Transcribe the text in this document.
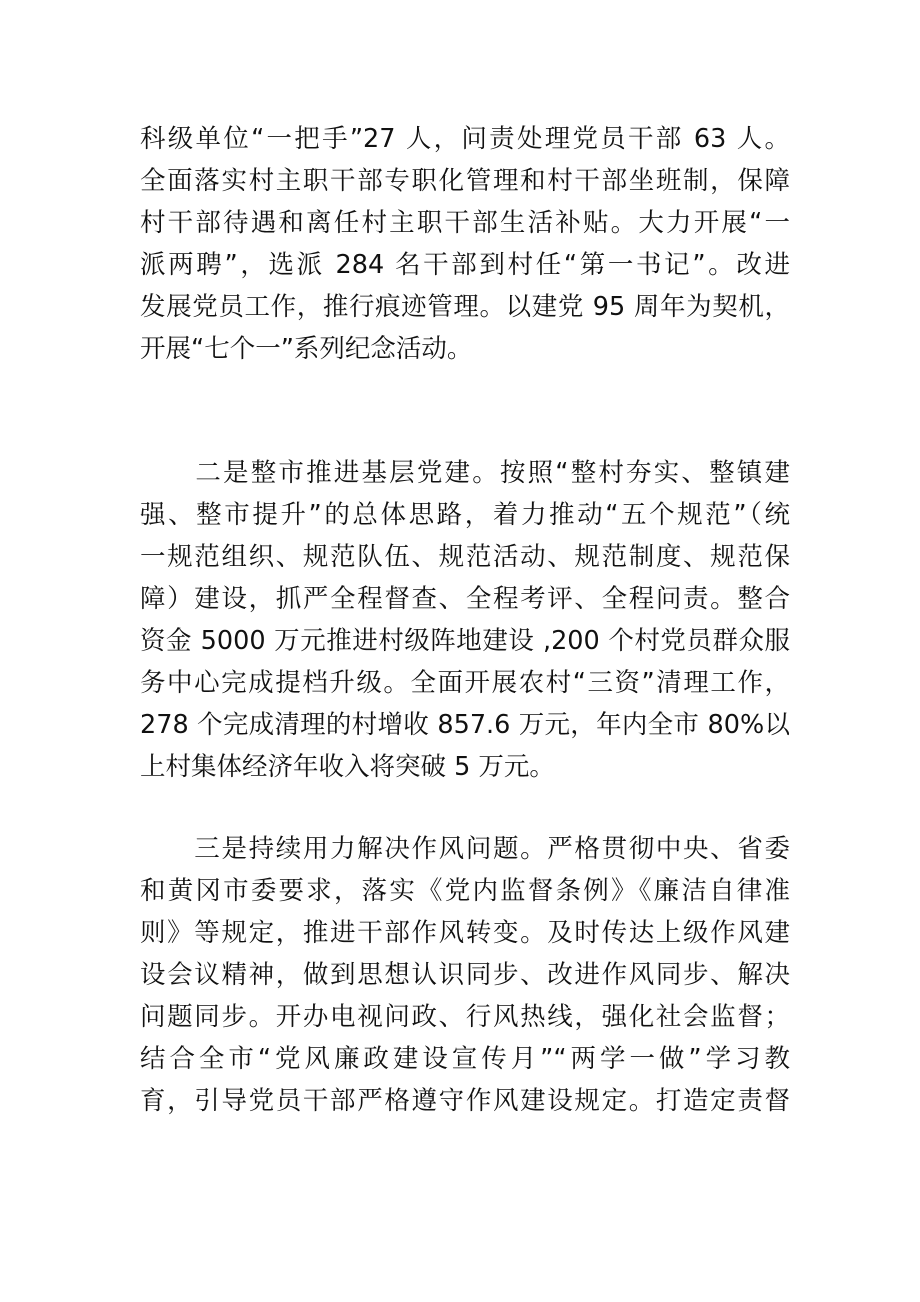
科级单位“一把手”27 人，问责处理党员干部 63 人。
全面落实村主职干部专职化管理和村干部坐班制，保障
村干部待遇和离任村主职干部生活补贴。大力开展“一
派两聘”，选派 284 名干部到村任“第一书记”。改进
发展党员工作，推行痕迹管理。以建党 95 周年为契机，
开展“七个一”系列纪念活动。
　　二是整市推进基层党建。按照“整村夯实、整镇建
强、整市提升”的总体思路，着力推动“五个规范”（统
一规范组织、规范队伍、规范活动、规范制度、规范保
障）建设，抓严全程督查、全程考评、全程问责。整合
资金 5000 万元推进村级阵地建设 ,200 个村党员群众服
务中心完成提档升级。全面开展农村“三资”清理工作，
278 个完成清理的村增收 857.6 万元，年内全市 80%以
上村集体经济年收入将突破 5 万元。
　　三是持续用力解决作风问题。严格贯彻中央、省委
和黄冈市委要求，落实《党内监督条例》《廉洁自律准
则》等规定，推进干部作风转变。及时传达上级作风建
设会议精神，做到思想认识同步、改进作风同步、解决
问题同步。开办电视问政、行风热线，强化社会监督；
结合全市“党风廉政建设宣传月”“两学一做”学习教
育，引导党员干部严格遵守作风建设规定。打造定责督
